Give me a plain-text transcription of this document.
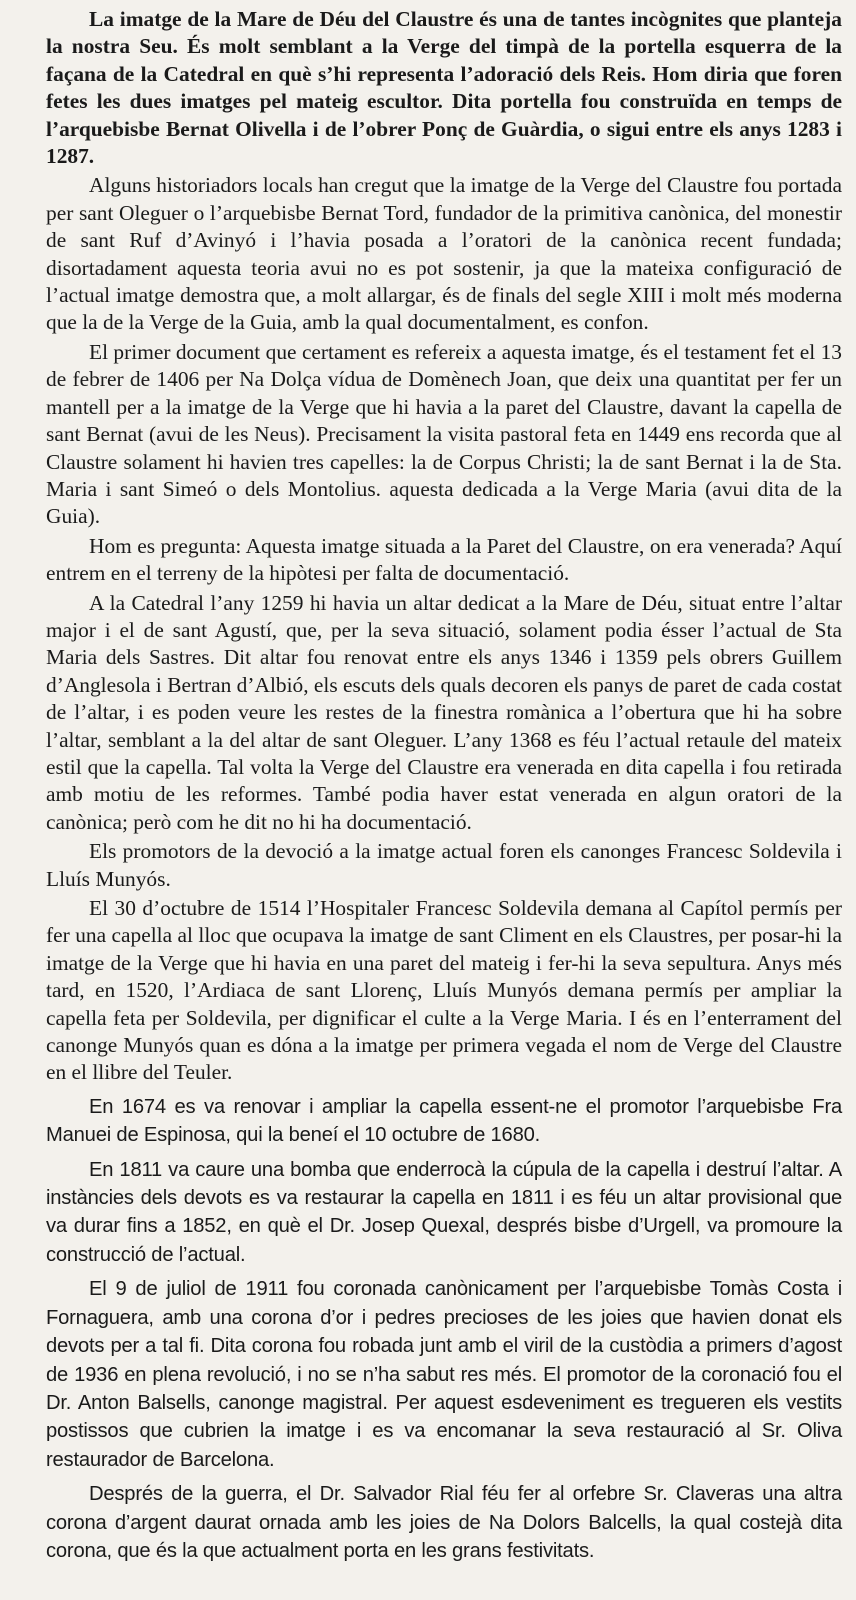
La imatge de la Mare de Déu del Claustre és una de tantes incògnites que planteja la nostra Seu. És molt semblant a la Verge del timpà de la portella esquerra de la façana de la Catedral en què s’hi representa l’adoració dels Reis. Hom diria que foren fetes les dues imatges pel mateig escultor. Dita portella fou construïda en temps de l’arquebisbe Bernat Olivella i de l’obrer Ponç de Guàrdia, o sigui entre els anys 1283 i 1287.

Alguns historiadors locals han cregut que la imatge de la Verge del Claustre fou portada per sant Oleguer o l’arquebisbe Bernat Tord, fundador de la primitiva canònica, del monestir de sant Ruf d’Avinyó i l’havia posada a l’oratori de la canònica recent fundada; disortadament aquesta teoria avui no es pot sostenir, ja que la mateixa configuració de l’actual imatge demostra que, a molt allargar, és de finals del segle XIII i molt més moderna que la de la Verge de la Guia, amb la qual documentalment, es confon.

El primer document que certament es refereix a aquesta imatge, és el testament fet el 13 de febrer de 1406 per Na Dolça vídua de Domènech Joan, que deix una quantitat per fer un mantell per a la imatge de la Verge que hi havia a la paret del Claustre, davant la capella de sant Bernat (avui de les Neus). Precisament la visita pastoral feta en 1449 ens recorda que al Claustre solament hi havien tres capelles: la de Corpus Christi; la de sant Bernat i la de Sta. Maria i sant Simeó o dels Montolius. aquesta dedicada a la Verge Maria (avui dita de la Guia).

Hom es pregunta: Aquesta imatge situada a la Paret del Claustre, on era venerada? Aquí entrem en el terreny de la hipòtesi per falta de documentació.

A la Catedral l’any 1259 hi havia un altar dedicat a la Mare de Déu, situat entre l’altar major i el de sant Agustí, que, per la seva situació, solament podia ésser l’actual de Sta Maria dels Sastres. Dit altar fou renovat entre els anys 1346 i 1359 pels obrers Guillem d’Anglesola i Bertran d’Albió, els escuts dels quals decoren els panys de paret de cada costat de l’altar, i es poden veure les restes de la finestra romànica a l’obertura que hi ha sobre l’altar, semblant a la del altar de sant Oleguer. L’any 1368 es féu l’actual retaule del mateix estil que la capella. Tal volta la Verge del Claustre era venerada en dita capella i fou retirada amb motiu de les reformes. També podia haver estat venerada en algun oratori de la canònica; però com he dit no hi ha documentació.

Els promotors de la devoció a la imatge actual foren els canonges Francesc Soldevila i Lluís Munyós.

El 30 d’octubre de 1514 l’Hospitaler Francesc Soldevila demana al Capítol permís per fer una capella al lloc que ocupava la imatge de sant Climent en els Claustres, per posar-hi la imatge de la Verge que hi havia en una paret del mateig i fer-hi la seva sepultura. Anys més tard, en 1520, l’Ardiaca de sant Llorenç, Lluís Munyós demana permís per ampliar la capella feta per Soldevila, per dignificar el culte a la Verge Maria. I és en l’enterrament del canonge Munyós quan es dóna a la imatge per primera vegada el nom de Verge del Claustre en el llibre del Teuler.

En 1674 es va renovar i ampliar la capella essent-ne el promotor l’arquebisbe Fra Manuei de Espinosa, qui la beneí el 10 octubre de 1680.

En 1811 va caure una bomba que enderrocà la cúpula de la capella i destruí l’altar. A instàncies dels devots es va restaurar la capella en 1811 i es féu un altar provisional que va durar fins a 1852, en què el Dr. Josep Quexal, després bisbe d’Urgell, va promoure la construcció de l’actual.

El 9 de juliol de 1911 fou coronada canònicament per l’arquebisbe Tomàs Costa i Fornaguera, amb una corona d’or i pedres precioses de les joies que havien donat els devots per a tal fi. Dita corona fou robada junt amb el viril de la custòdia a primers d’agost de 1936 en plena revolució, i no se n’ha sabut res més. El promotor de la coronació fou el Dr. Anton Balsells, canonge magistral. Per aquest esdeveniment es tregueren els vestits postissos que cubrien la imatge i es va encomanar la seva restauració al Sr. Oliva restaurador de Barcelona.

Després de la guerra, el Dr. Salvador Rial féu fer al orfebre Sr. Claveras una altra corona d’argent daurat ornada amb les joies de Na Dolors Balcells, la qual costejà dita corona, que és la que actualment porta en les grans festivitats.
